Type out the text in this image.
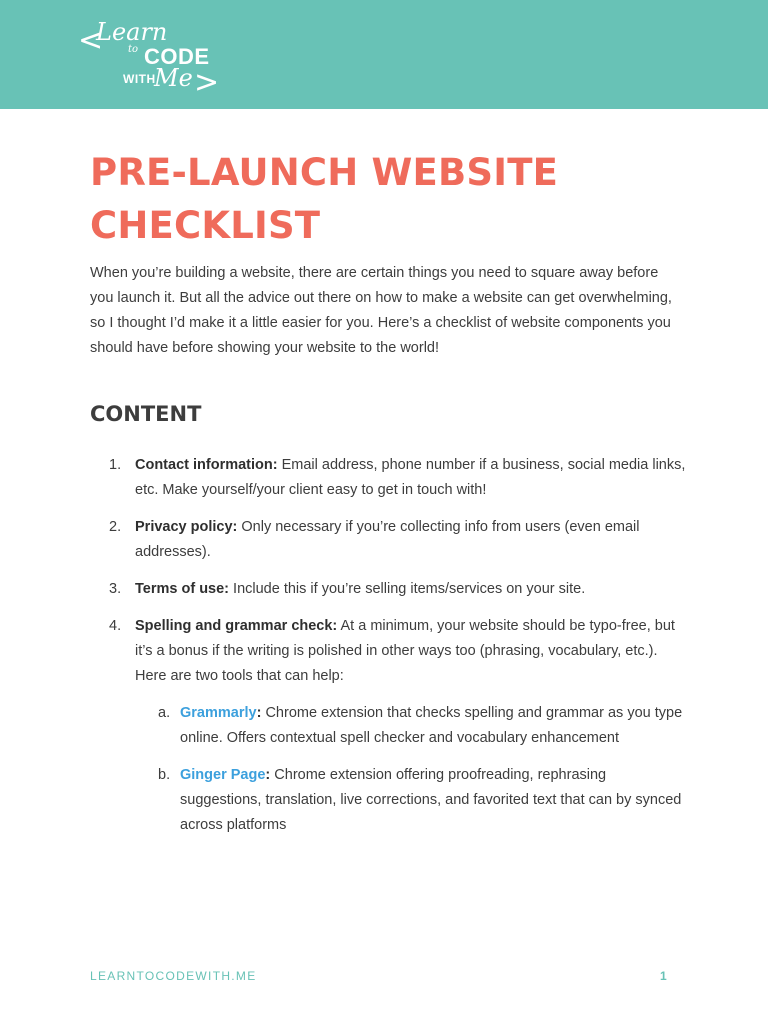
<
Learn
to CODE
WITH
Me >
PRE-LAUNCH WEBSITE CHECKLIST

When you’re building a website, there are certain things you need to square away before you launch it. But all the advice out there on how to make a website can get overwhelming, so I thought I’d make it a little easier for you. Here’s a checklist of website components you should have before showing your website to the world!

CONTENT
1. Contact information: Email address, phone number if a business, social media links, etc. Make yourself/your client easy to get in touch with!
2. Privacy policy: Only necessary if you’re collecting info from users (even email addresses).
3. Terms of use: Include this if you’re selling items/services on your site.
4. Spelling and grammar check: At a minimum, your website should be typo-free, but it’s a bonus if the writing is polished in other ways too (phrasing, vocabulary, etc.). Here are two tools that can help:
a. Grammarly: Chrome extension that checks spelling and grammar as you type online. Offers contextual spell checker and vocabulary enhancement
b. Ginger Page: Chrome extension offering proofreading, rephrasing suggestions, translation, live corrections, and favorited text that can by synced across platforms
LEARNTOCODEWITH.ME	1
